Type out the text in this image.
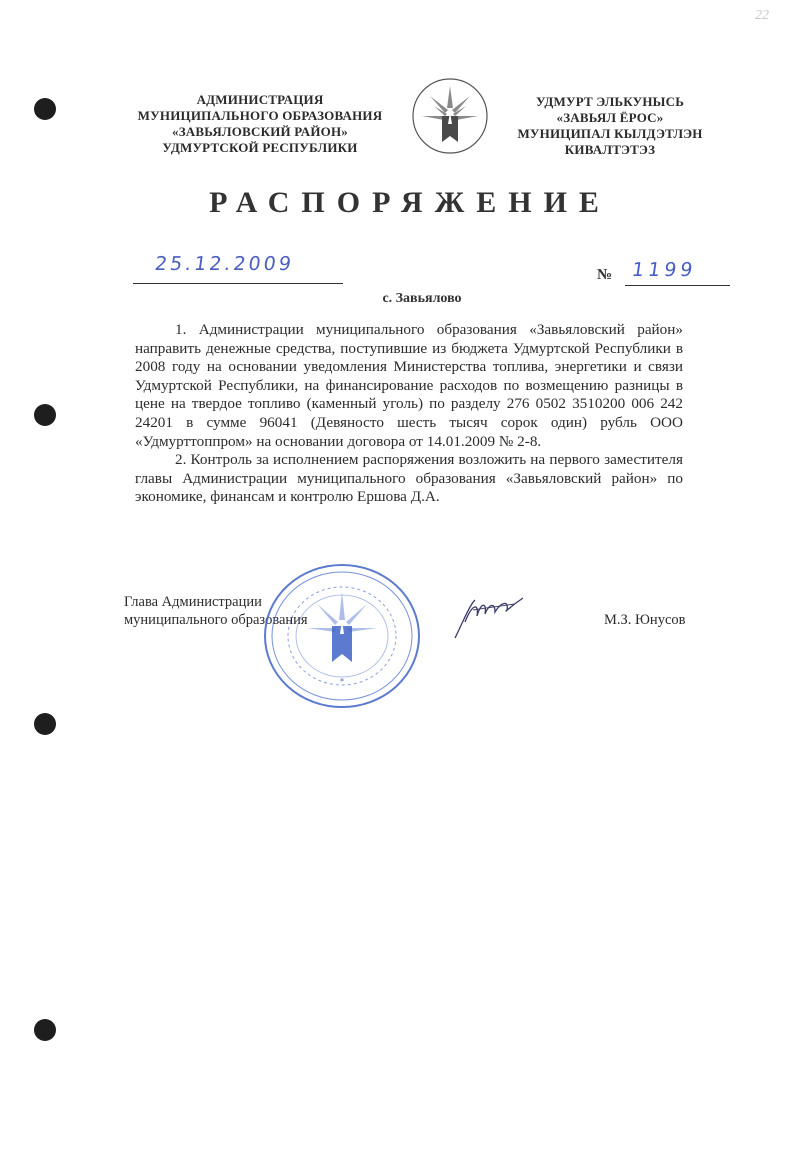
22
АДМИНИСТРАЦИЯ
МУНИЦИПАЛЬНОГО ОБРАЗОВАНИЯ
«ЗАВЬЯЛОВСКИЙ РАЙОН»
УДМУРТСКОЙ РЕСПУБЛИКИ
УДМУРТ ЭЛЬКУНЫСЬ
«ЗАВЬЯЛ ЁРОС»
МУНИЦИПАЛ КЫЛДЭТЛЭН
КИВАЛТЭТЭЗ
РАСПОРЯЖЕНИЕ
25.12.2009	№ 1199
с. Завьялово

1. Администрации муниципального образования «Завьяловский район» направить денежные средства, поступившие из бюджета Удмуртской Республики в 2008 году на основании уведомления Министерства топлива, энергетики и связи Удмуртской Республики, на финансирование расходов по возмещению разницы в цене на твердое топливо (каменный уголь) по разделу 276 0502 3510200 006 242 24201 в сумме 96041 (Девяносто шесть тысяч сорок один) рубль ООО «Удмурттоппром» на основании договора от 14.01.2009 № 2-8.

2. Контроль за исполнением распоряжения возложить на первого заместителя главы Администрации муниципального образования «Завьяловский район» по экономике, финансам и контролю Ершова Д.А.

Глава Администрации
муниципального образования
*
М.З. Юнусов
